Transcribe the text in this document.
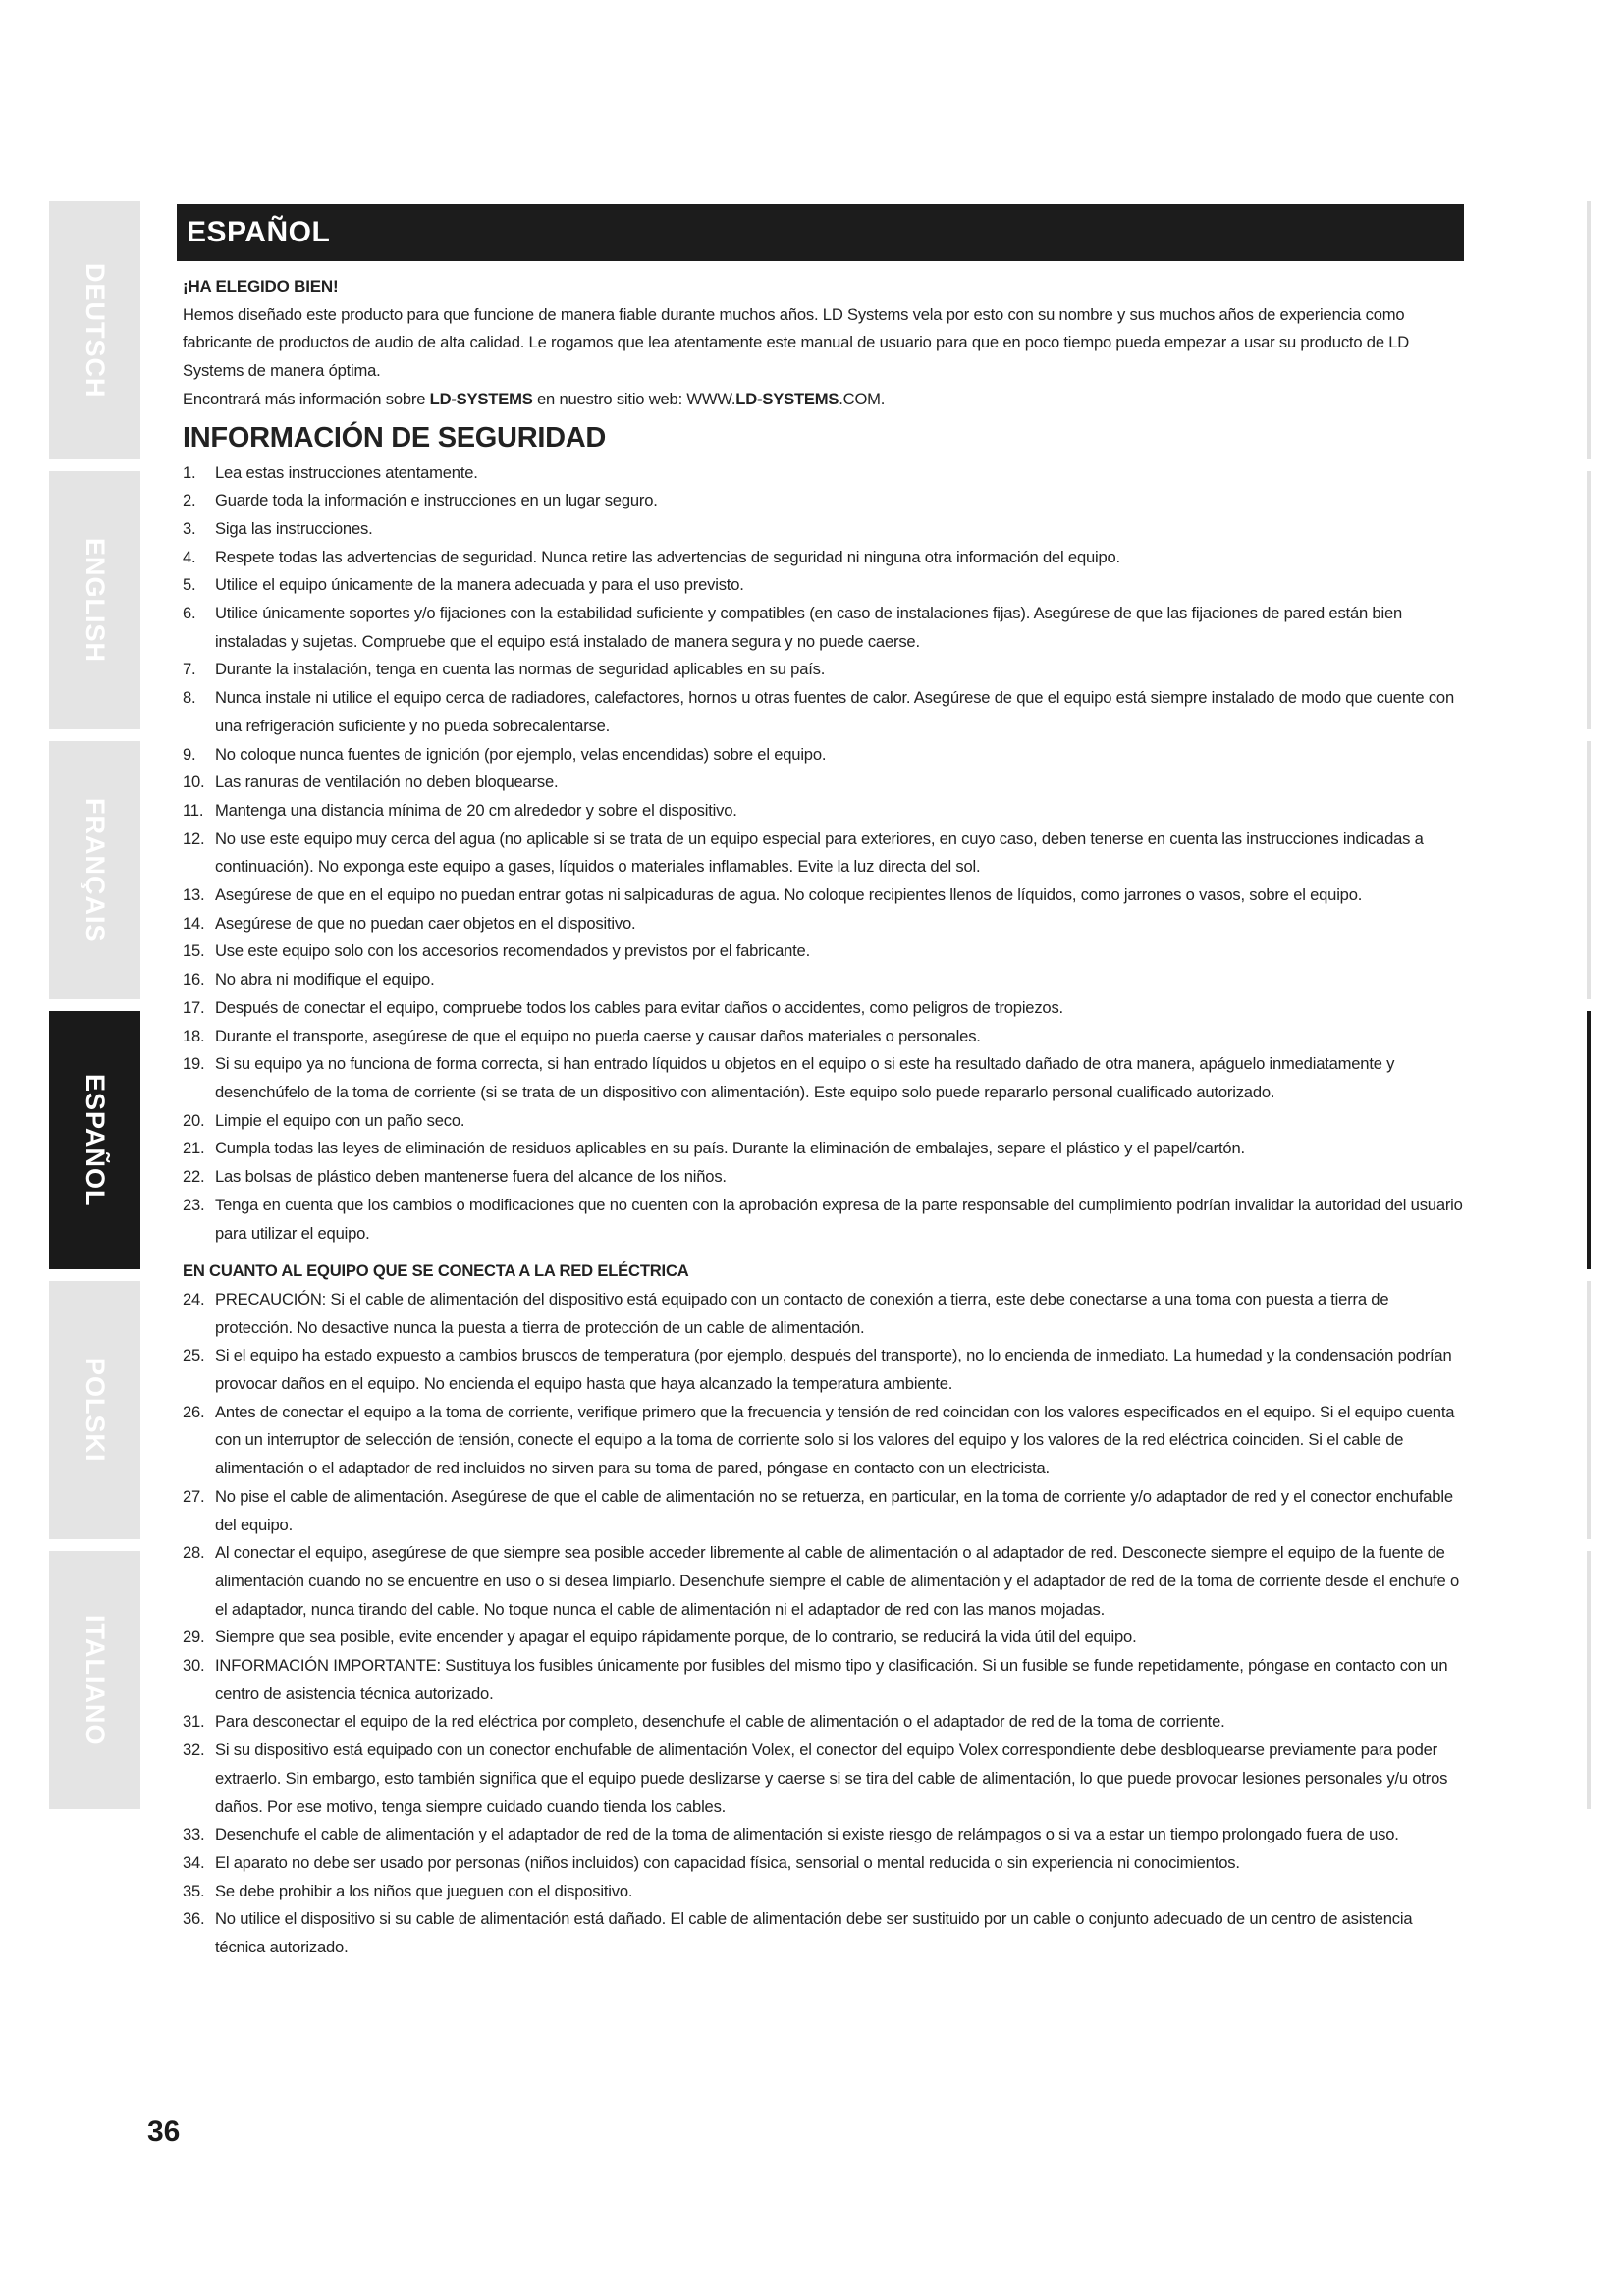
DEUTSCH
ENGLISH
FRANÇAIS
ESPAÑOL
POLSKI
ITALIANO
ESPAÑOL

¡HA ELEGIDO BIEN!

Hemos diseñado este producto para que funcione de manera fiable durante muchos años. LD Systems vela por esto con su nombre y sus muchos años de experiencia como fabricante de productos de audio de alta calidad. Le rogamos que lea atentamente este manual de usuario para que en poco tiempo pueda empezar a usar su producto de LD Systems de manera óptima.

Encontrará más información sobre LD-SYSTEMS en nuestro sitio web: WWW.LD-SYSTEMS.COM.

INFORMACIÓN DE SEGURIDAD
1. Lea estas instrucciones atentamente.
2. Guarde toda la información e instrucciones en un lugar seguro.
3. Siga las instrucciones.
4. Respete todas las advertencias de seguridad. Nunca retire las advertencias de seguridad ni ninguna otra información del equipo.
5. Utilice el equipo únicamente de la manera adecuada y para el uso previsto.
6. Utilice únicamente soportes y/o fijaciones con la estabilidad suficiente y compatibles (en caso de instalaciones fijas). Asegúrese de que las fijaciones de pared están bien instaladas y sujetas. Compruebe que el equipo está instalado de manera segura y no puede caerse.
7. Durante la instalación, tenga en cuenta las normas de seguridad aplicables en su país.
8. Nunca instale ni utilice el equipo cerca de radiadores, calefactores, hornos u otras fuentes de calor. Asegúrese de que el equipo está siempre instalado de modo que cuente con una refrigeración suficiente y no pueda sobrecalentarse.
9. No coloque nunca fuentes de ignición (por ejemplo, velas encendidas) sobre el equipo.
10. Las ranuras de ventilación no deben bloquearse.
11. Mantenga una distancia mínima de 20 cm alrededor y sobre el dispositivo.
12. No use este equipo muy cerca del agua (no aplicable si se trata de un equipo especial para exteriores, en cuyo caso, deben tenerse en cuenta las instrucciones indicadas a continuación). No exponga este equipo a gases, líquidos o materiales inflamables. Evite la luz directa del sol.
13. Asegúrese de que en el equipo no puedan entrar gotas ni salpicaduras de agua. No coloque recipientes llenos de líquidos, como jarrones o vasos, sobre el equipo.
14. Asegúrese de que no puedan caer objetos en el dispositivo.
15. Use este equipo solo con los accesorios recomendados y previstos por el fabricante.
16. No abra ni modifique el equipo.
17. Después de conectar el equipo, compruebe todos los cables para evitar daños o accidentes, como peligros de tropiezos.
18. Durante el transporte, asegúrese de que el equipo no pueda caerse y causar daños materiales o personales.
19. Si su equipo ya no funciona de forma correcta, si han entrado líquidos u objetos en el equipo o si este ha resultado dañado de otra manera, apáguelo inmediatamente y desenchúfelo de la toma de corriente (si se trata de un dispositivo con alimentación). Este equipo solo puede repararlo personal cualificado autorizado.
20. Limpie el equipo con un paño seco.
21. Cumpla todas las leyes de eliminación de residuos aplicables en su país. Durante la eliminación de embalajes, separe el plástico y el papel/cartón.
22. Las bolsas de plástico deben mantenerse fuera del alcance de los niños.
23. Tenga en cuenta que los cambios o modificaciones que no cuenten con la aprobación expresa de la parte responsable del cumplimiento podrían invalidar la autoridad del usuario para utilizar el equipo.

EN CUANTO AL EQUIPO QUE SE CONECTA A LA RED ELÉCTRICA

24. PRECAUCIÓN: Si el cable de alimentación del dispositivo está equipado con un contacto de conexión a tierra, este debe conectarse a una toma con puesta a tierra de protección. No desactive nunca la puesta a tierra de protección de un cable de alimentación.
25. Si el equipo ha estado expuesto a cambios bruscos de temperatura (por ejemplo, después del transporte), no lo encienda de inmediato. La humedad y la condensación podrían provocar daños en el equipo. No encienda el equipo hasta que haya alcanzado la temperatura ambiente.
26. Antes de conectar el equipo a la toma de corriente, verifique primero que la frecuencia y tensión de red coincidan con los valores especificados en el equipo. Si el equipo cuenta con un interruptor de selección de tensión, conecte el equipo a la toma de corriente solo si los valores del equipo y los valores de la red eléctrica coinciden. Si el cable de alimentación o el adaptador de red incluidos no sirven para su toma de pared, póngase en contacto con un electricista.
27. No pise el cable de alimentación. Asegúrese de que el cable de alimentación no se retuerza, en particular, en la toma de corriente y/o adaptador de red y el conector enchufable del equipo.
28. Al conectar el equipo, asegúrese de que siempre sea posible acceder libremente al cable de alimentación o al adaptador de red. Desconecte siempre el equipo de la fuente de alimentación cuando no se encuentre en uso o si desea limpiarlo. Desenchufe siempre el cable de alimentación y el adaptador de red de la toma de corriente desde el enchufe o el adaptador, nunca tirando del cable. No toque nunca el cable de alimentación ni el adaptador de red con las manos mojadas.
29. Siempre que sea posible, evite encender y apagar el equipo rápidamente porque, de lo contrario, se reducirá la vida útil del equipo.
30. INFORMACIÓN IMPORTANTE: Sustituya los fusibles únicamente por fusibles del mismo tipo y clasificación. Si un fusible se funde repetidamente, póngase en contacto con un centro de asistencia técnica autorizado.
31. Para desconectar el equipo de la red eléctrica por completo, desenchufe el cable de alimentación o el adaptador de red de la toma de corriente.
32. Si su dispositivo está equipado con un conector enchufable de alimentación Volex, el conector del equipo Volex correspondiente debe desbloquearse previamente para poder extraerlo. Sin embargo, esto también significa que el equipo puede deslizarse y caerse si se tira del cable de alimentación, lo que puede provocar lesiones personales y/u otros daños. Por ese motivo, tenga siempre cuidado cuando tienda los cables.
33. Desenchufe el cable de alimentación y el adaptador de red de la toma de alimentación si existe riesgo de relámpagos o si va a estar un tiempo prolongado fuera de uso.
34. El aparato no debe ser usado por personas (niños incluidos) con capacidad física, sensorial o mental reducida o sin experiencia ni conocimientos.
35. Se debe prohibir a los niños que jueguen con el dispositivo.
36. No utilice el dispositivo si su cable de alimentación está dañado. El cable de alimentación debe ser sustituido por un cable o conjunto adecuado de un centro de asistencia técnica autorizado.
36
